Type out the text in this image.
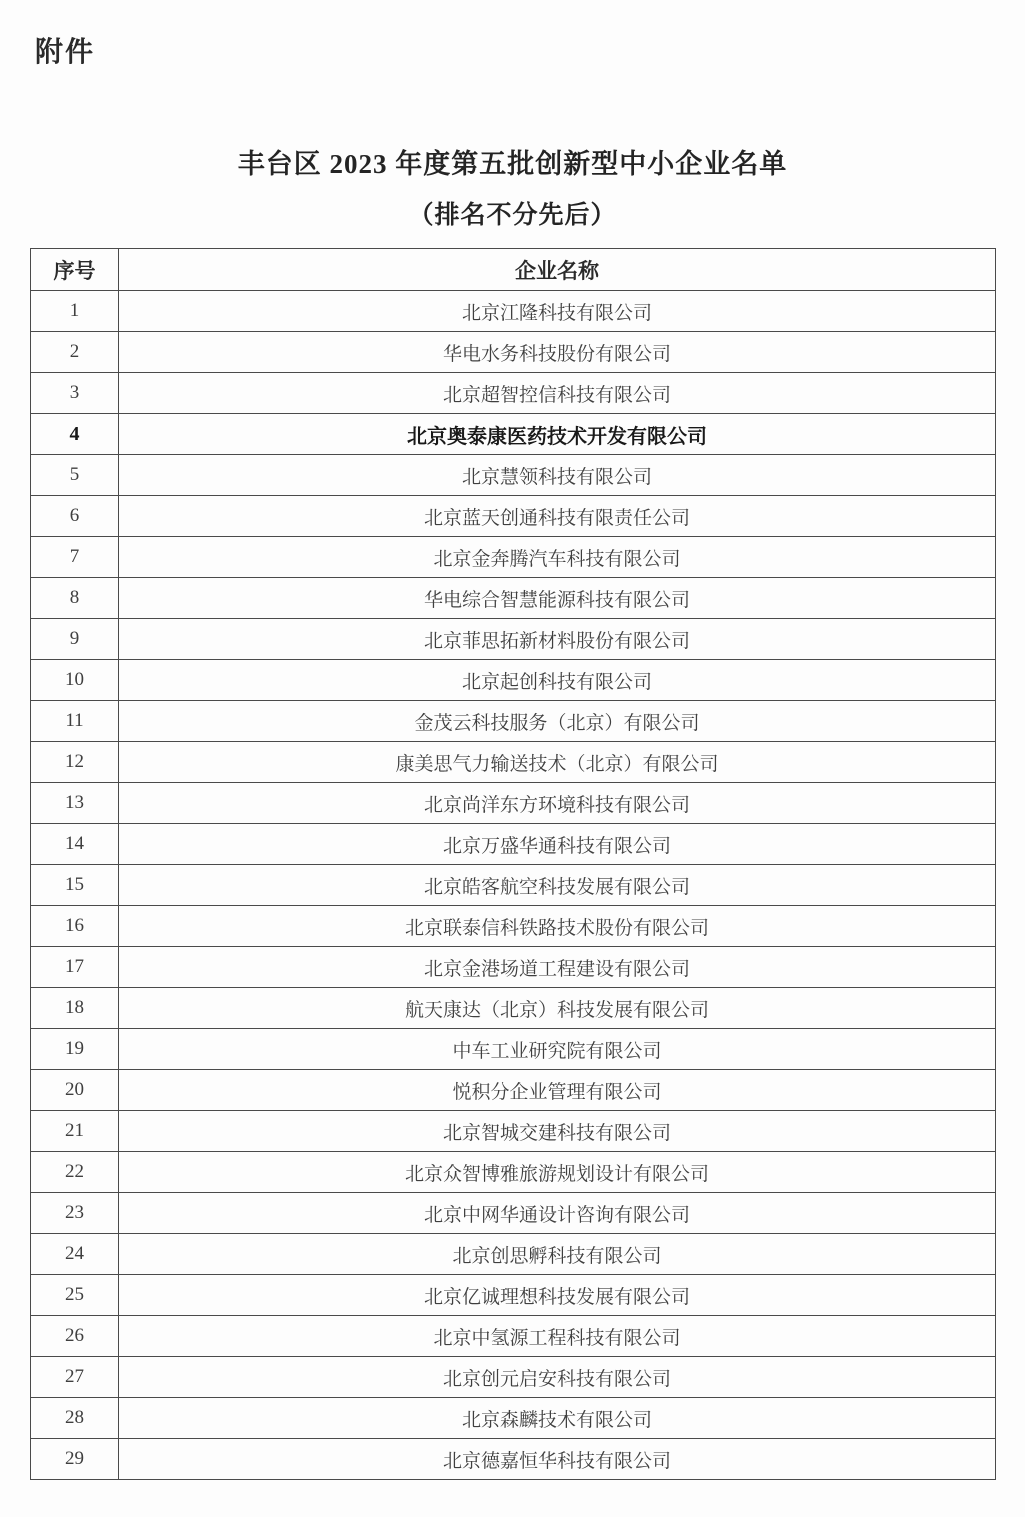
附件

丰台区 2023 年度第五批创新型中小企业名单

（排名不分先后）

序号	企业名称
1	北京江隆科技有限公司
2	华电水务科技股份有限公司
3	北京超智控信科技有限公司
4	北京奥泰康医药技术开发有限公司
5	北京慧领科技有限公司
6	北京蓝天创通科技有限责任公司
7	北京金奔腾汽车科技有限公司
8	华电综合智慧能源科技有限公司
9	北京菲思拓新材料股份有限公司
10	北京起创科技有限公司
11	金茂云科技服务（北京）有限公司
12	康美思气力输送技术（北京）有限公司
13	北京尚洋东方环境科技有限公司
14	北京万盛华通科技有限公司
15	北京皓客航空科技发展有限公司
16	北京联泰信科铁路技术股份有限公司
17	北京金港场道工程建设有限公司
18	航天康达（北京）科技发展有限公司
19	中车工业研究院有限公司
20	悦积分企业管理有限公司
21	北京智城交建科技有限公司
22	北京众智博雅旅游规划设计有限公司
23	北京中网华通设计咨询有限公司
24	北京创思孵科技有限公司
25	北京亿诚理想科技发展有限公司
26	北京中氢源工程科技有限公司
27	北京创元启安科技有限公司
28	北京森麟技术有限公司
29	北京德嘉恒华科技有限公司
